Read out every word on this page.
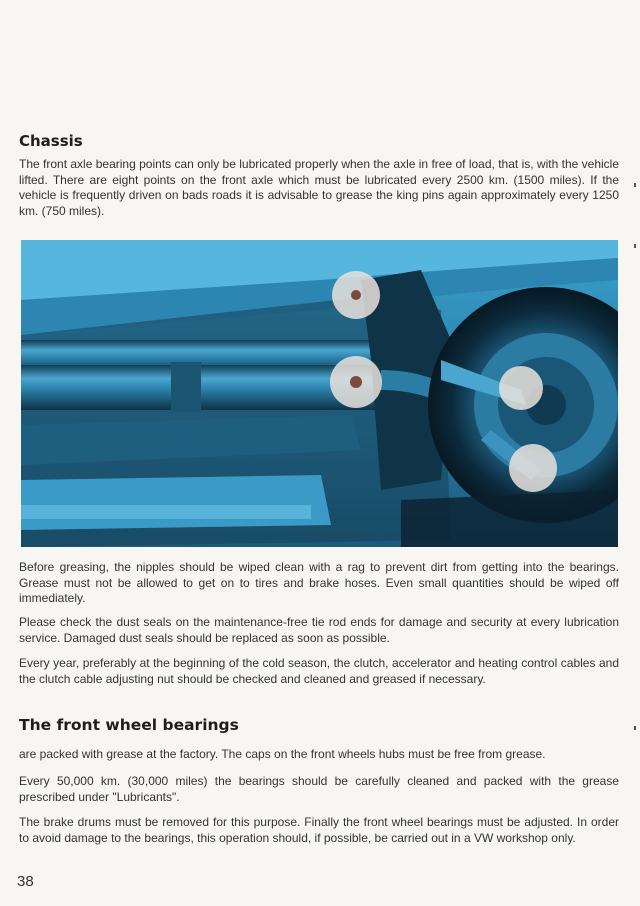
Chassis

The front axle bearing points can only be lubricated properly when the axle in free of load, that is, with the vehicle lifted. There are eight points on the front axle which must be lubricated every 2500 km. (1500 miles). If the vehicle is frequently driven on bads roads it is advisable to grease the king pins again approximately every 1250 km. (750 miles).

Before greasing, the nipples should be wiped clean with a rag to prevent dirt from getting into the bearings. Grease must not be allowed to get on to tires and brake hoses. Even small quantities should be wiped off immediately.

Please check the dust seals on the maintenance-free tie rod ends for damage and security at every lubrication service. Damaged dust seals should be replaced as soon as possible.

Every year, preferably at the beginning of the cold season, the clutch, accelerator and heating control cables and the clutch cable adjusting nut should be checked and cleaned and greased if necessary.

The front wheel bearings

are packed with grease at the factory. The caps on the front wheels hubs must be free from grease.

Every 50,000 km. (30,000 miles) the bearings should be carefully cleaned and packed with the grease prescribed under "Lubricants".

The brake drums must be removed for this purpose. Finally the front wheel bearings must be adjusted. In order to avoid damage to the bearings, this operation should, if possible, be carried out in a VW workshop only.

38
